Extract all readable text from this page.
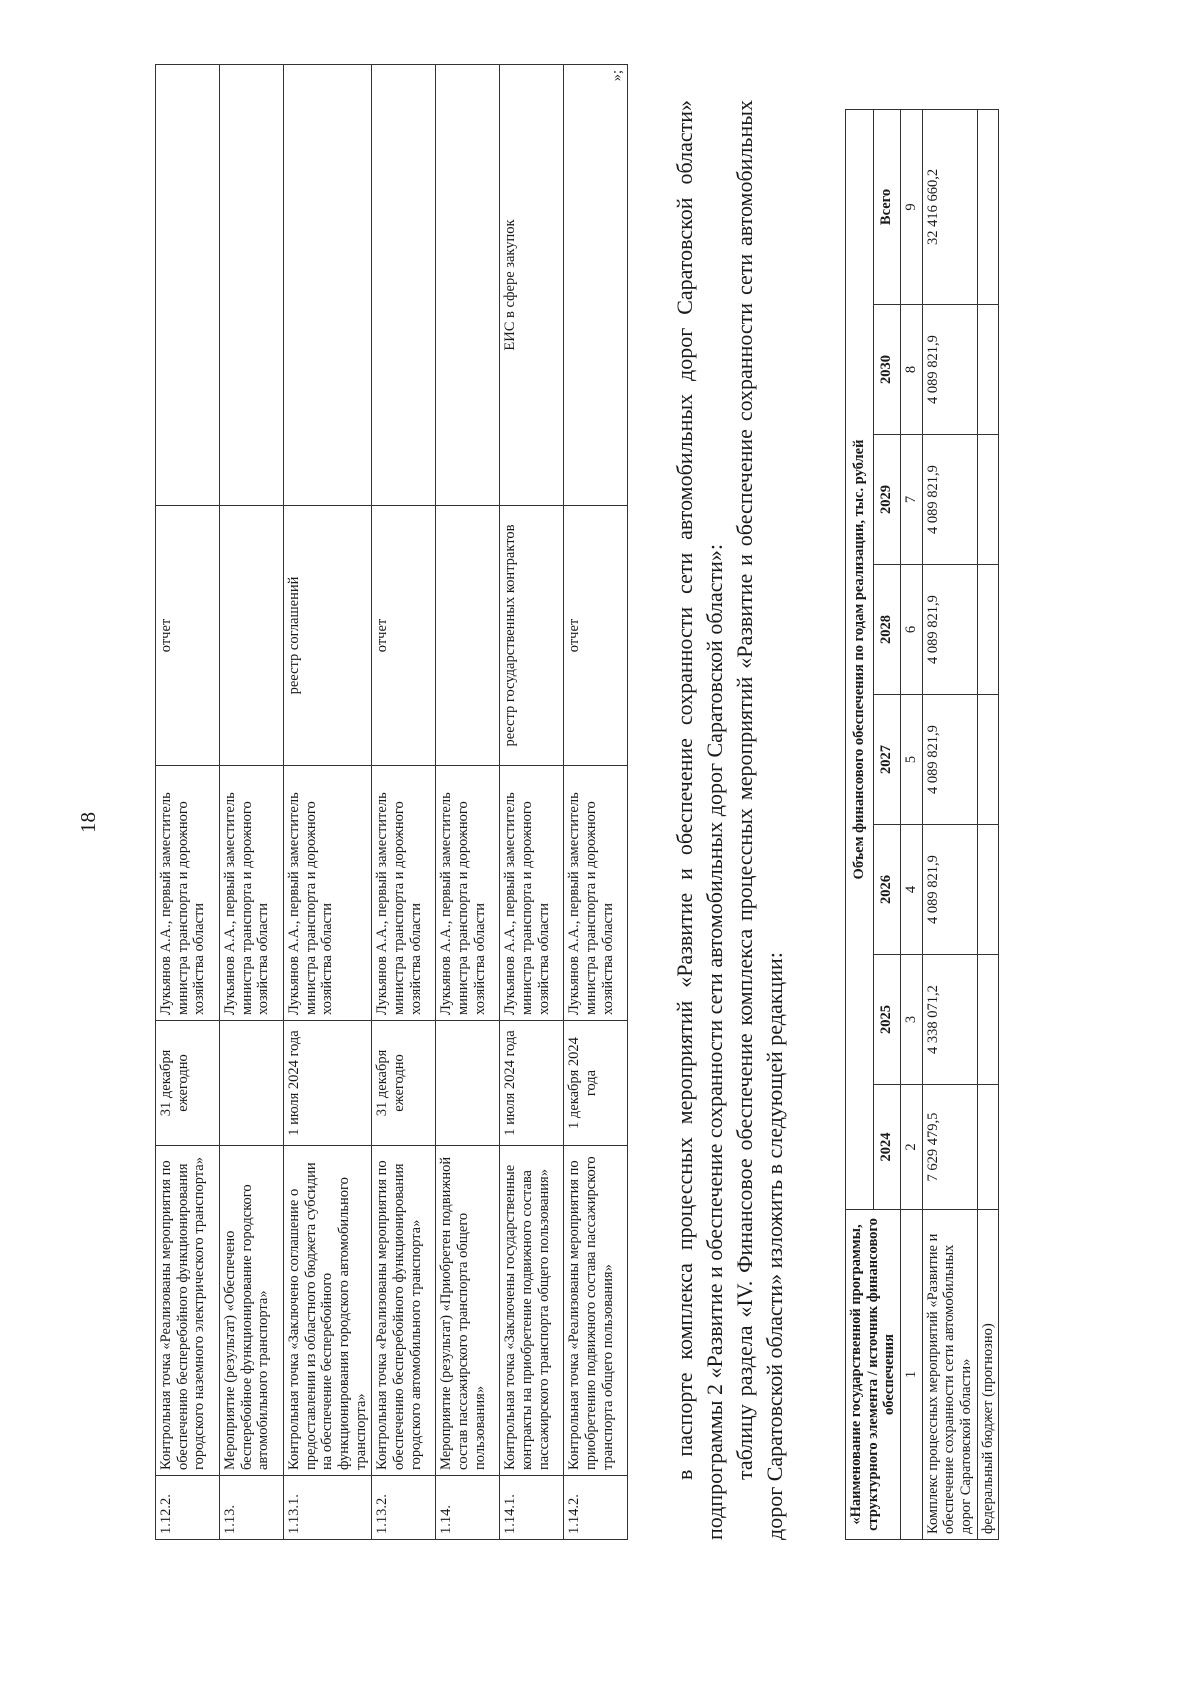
18
1.12.2.	Контрольная точка «Реализованы мероприятия по обеспечению бесперебойного функционирования городского наземного электрического транспорта»	31 декабря ежегодно	Лукьянов А.А., первый заместитель министра транспорта и дорожного хозяйства области	отчет	
1.13.	Мероприятие (результат) «Обеспечено бесперебойное функционирование городского автомобильного транспорта»		Лукьянов А.А., первый заместитель министра транспорта и дорожного хозяйства области		
1.13.1.	Контрольная точка «Заключено соглашение о предоставлении из областного бюджета субсидии на обеспечение бесперебойного функционирования городского автомобильного транспорта»	1 июля 2024 года	Лукьянов А.А., первый заместитель министра транспорта и дорожного хозяйства области	реестр соглашений	
1.13.2.	Контрольная точка «Реализованы мероприятия по обеспечению бесперебойного функционирования городского автомобильного транспорта»	31 декабря ежегодно	Лукьянов А.А., первый заместитель министра транспорта и дорожного хозяйства области	отчет	
1.14.	Мероприятие (результат) «Приобретен подвижной состав пассажирского транспорта общего пользования»		Лукьянов А.А., первый заместитель министра транспорта и дорожного хозяйства области		
1.14.1.	Контрольная точка «Заключены государственные контракты на приобретение подвижного состава пассажирского транспорта общего пользования»	1 июля 2024 года	Лукьянов А.А., первый заместитель министра транспорта и дорожного хозяйства области	реестр государственных контрактов	ЕИС в сфере закупок
1.14.2.	Контрольная точка «Реализованы мероприятия по приобретению подвижного состава пассажирского транспорта общего пользования»	1 декабря 2024 года	Лукьянов А.А., первый заместитель министра транспорта и дорожного хозяйства области	отчет	»;

в паспорте комплекса процессных мероприятий «Развитие и обеспечение сохранности сети автомобильных дорог Саратовской области» подпрограммы 2 «Развитие и обеспечение сохранности сети автомобильных дорог Саратовской области»: таблицу раздела «IV. Финансовое обеспечение комплекса процессных мероприятий «Развитие и обеспечение сохранности сети автомобильных дорог Саратовской области» изложить в следующей редакции:	«Наименование государственной программы, структурного элемента / источник финансового обеспечения	Объем финансового обеспечения по годам реализации, тыс. рублей							
	2024	2025	2026	2027	2028	2029	2030	Всего
1	2	3	4	5	6	7	8	9
Комплекс процессных мероприятий «Развитие и обеспечение сохранности сети автомобильных дорог Саратовской области»	7 629 479,5	4 338 071,2	4 089 821,9	4 089 821,9	4 089 821,9	4 089 821,9	4 089 821,9	32 416 660,2
федеральный бюджет (прогнозно)								
